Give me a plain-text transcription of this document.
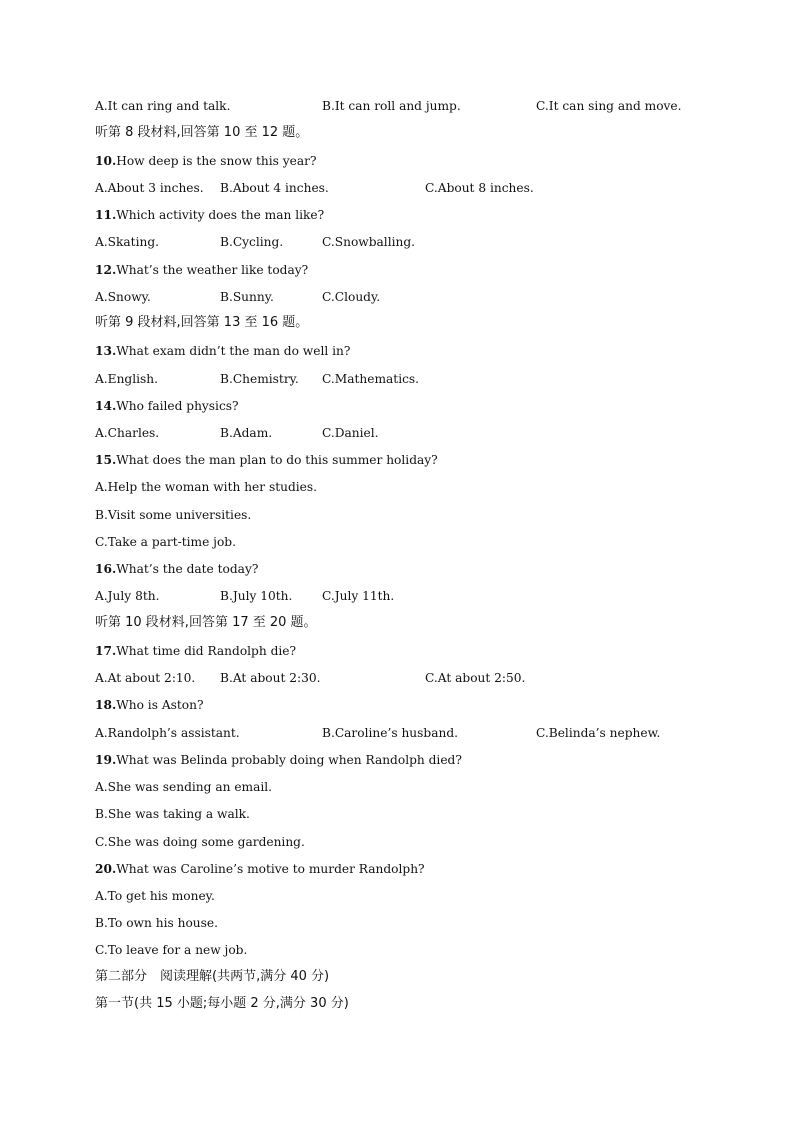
A.It can ring and talk.	B.It can roll and jump.	C.It can sing and move.
听第 8 段材料,回答第 10 至 12 题。
10.How deep is the snow this year?
A.About 3 inches. B.About 4 inches.	C.About 8 inches.
11.Which activity does the man like?
A.Skating.	B.Cycling.	C.Snowballing.
12.What’s the weather like today?
A.Snowy.	B.Sunny.	C.Cloudy.
听第 9 段材料,回答第 13 至 16 题。
13.What exam didn’t the man do well in?
A.English.	B.Chemistry. C.Mathematics.
14.Who failed physics?
A.Charles.	B.Adam.	C.Daniel.
15.What does the man plan to do this summer holiday?
A.Help the woman with her studies.
B.Visit some universities.
C.Take a part-time job.
16.What’s the date today?
A.July 8th.	B.July 10th. C.July 11th.
听第 10 段材料,回答第 17 至 20 题。
17.What time did Randolph die?
A.At about 2:10. B.At about 2:30.	C.At about 2:50.
18.Who is Aston?
A.Randolph’s assistant.	B.Caroline’s husband.	C.Belinda’s nephew.
19.What was Belinda probably doing when Randolph died?
A.She was sending an email.
B.She was taking a walk.
C.She was doing some gardening.
20.What was Caroline’s motive to murder Randolph?
A.To get his money.
B.To own his house.
C.To leave for a new job.
第二部分　阅读理解(共两节,满分 40 分)
第一节(共 15 小题;每小题 2 分,满分 30 分)
